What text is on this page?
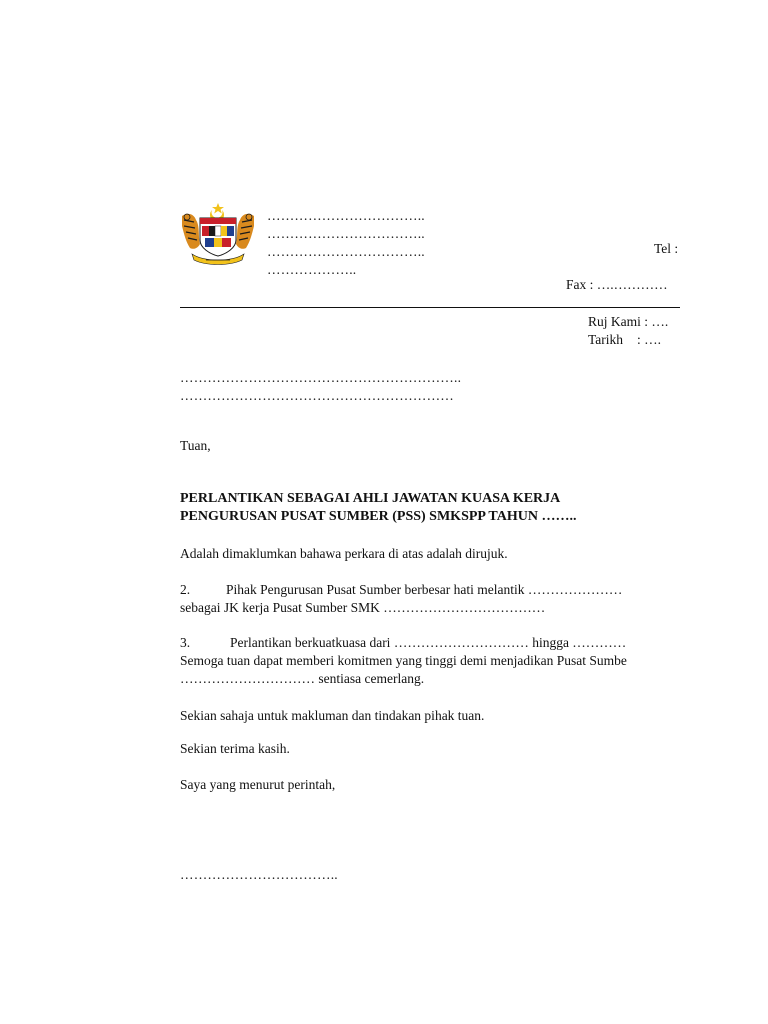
……………………………..
……………………………..
……………………………..
………………..
Tel :
Fax : ….…………
Ruj Kami : ….
Tarikh : ….
……………………………………………………..
……………………………………………………
Tuan,
PERLANTIKAN SEBAGAI AHLI JAWATAN KUASA KERJA
PENGURUSAN PUSAT SUMBER (PSS) SMKSPP TAHUN ……..
Adalah dimaklumkan bahawa perkara di atas adalah dirujuk.
2.	Pihak Pengurusan Pusat Sumber berbesar hati melantik …………………
sebagai JK kerja Pusat Sumber SMK ………………………………
3.	Perlantikan berkuatkuasa dari ………………………… hingga …………
Semoga tuan dapat memberi komitmen yang tinggi demi menjadikan Pusat Sumbe
………………………… sentiasa cemerlang.
Sekian sahaja untuk makluman dan tindakan pihak tuan.
Sekian terima kasih.
Saya yang menurut perintah,
……………………………..
